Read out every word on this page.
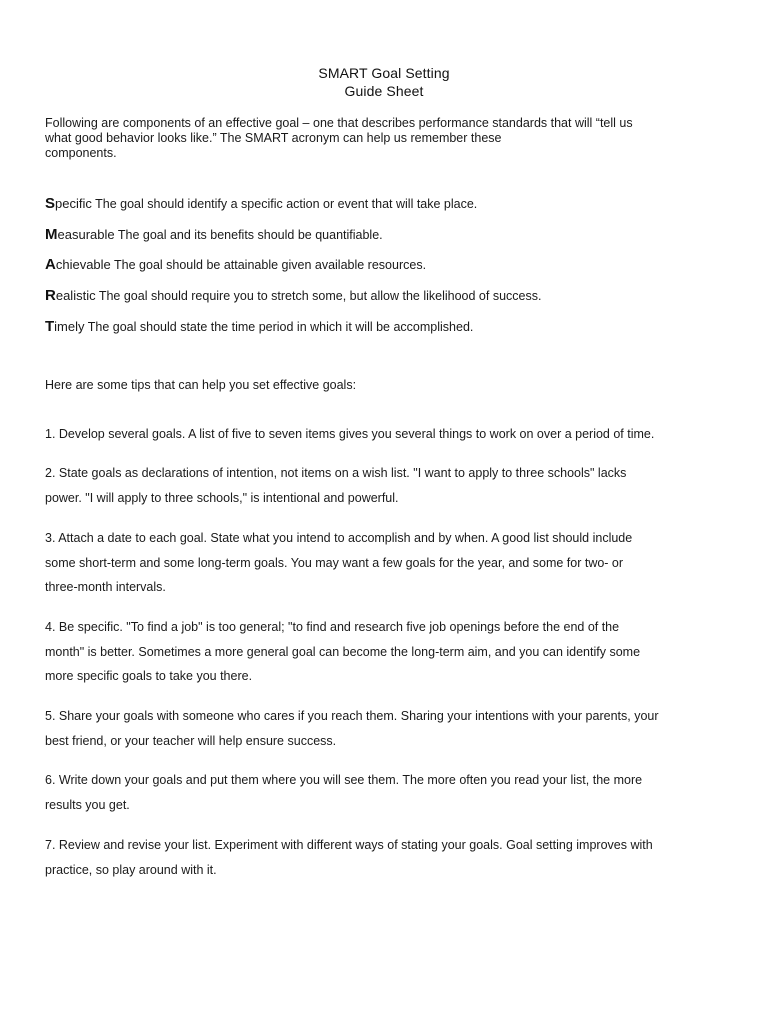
SMART Goal Setting
Guide Sheet
Following are components of an effective goal – one that describes performance standards that will “tell us
what good behavior looks like.” The SMART acronym can help us remember these
components.
Specific The goal should identify a specific action or event that will take place.
Measurable The goal and its benefits should be quantifiable.
Achievable The goal should be attainable given available resources.
Realistic The goal should require you to stretch some, but allow the likelihood of success.
Timely The goal should state the time period in which it will be accomplished.
Here are some tips that can help you set effective goals:
1. Develop several goals. A list of five to seven items gives you several things to work on over a period of time.
2. State goals as declarations of intention, not items on a wish list. "I want to apply to three schools" lacks
power. "I will apply to three schools," is intentional and powerful.
3. Attach a date to each goal. State what you intend to accomplish and by when. A good list should include
some short-term and some long-term goals. You may want a few goals for the year, and some for two- or
three-month intervals.
4. Be specific. "To find a job" is too general; "to find and research five job openings before the end of the
month" is better. Sometimes a more general goal can become the long-term aim, and you can identify some
more specific goals to take you there.
5. Share your goals with someone who cares if you reach them. Sharing your intentions with your parents, your
best friend, or your teacher will help ensure success.
6. Write down your goals and put them where you will see them. The more often you read your list, the more
results you get.
7. Review and revise your list. Experiment with different ways of stating your goals. Goal setting improves with
practice, so play around with it.
